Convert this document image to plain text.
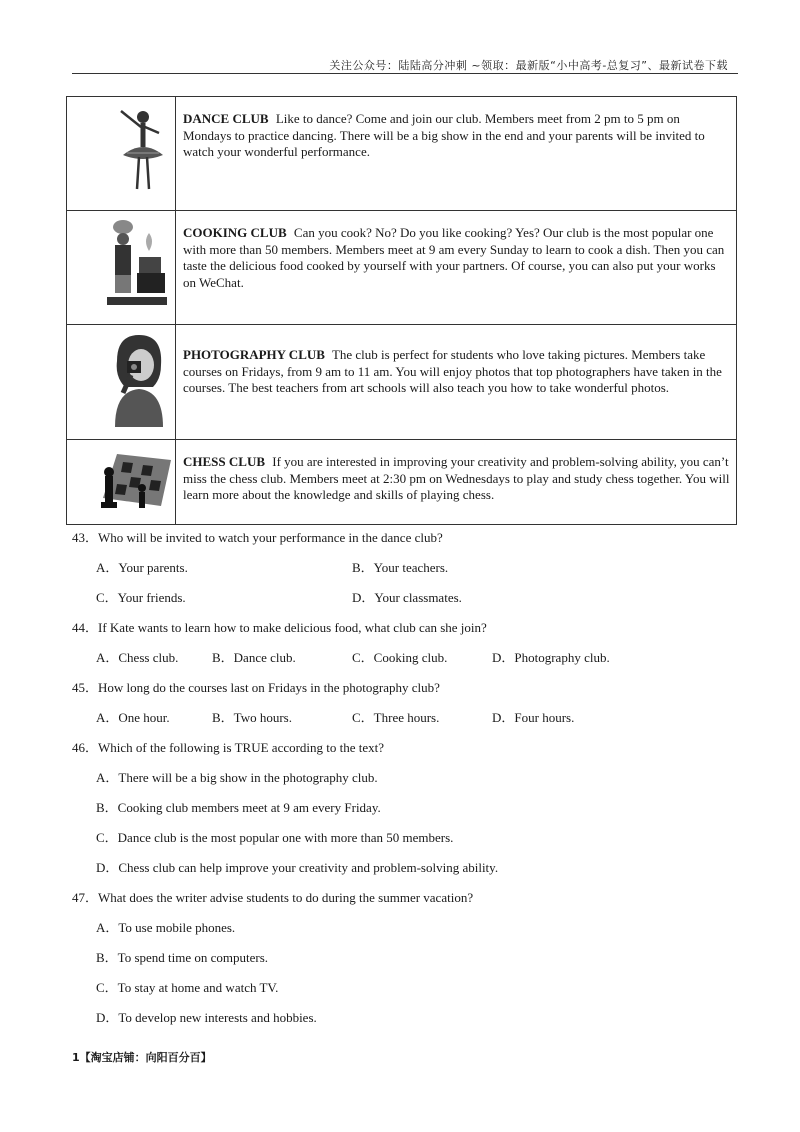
关注公众号：陆陆高分冲刺 ~领取：最新版“小中高考-总复习”、最新试卷下载
	DANCE CLUB Like to dance? Come and join our club. Members meet from 2 pm to 5 pm on Mondays to practice dancing. There will be a big show in the end and your parents will be invited to watch your wonderful performance.

	COOKING CLUB Can you cook? No? Do you like cooking? Yes? Our club is the most popular one with more than 50 members. Members meet at 9 am every Sunday to learn to cook a dish. Then you can taste the delicious food cooked by yourself with your partners. Of course, you can also put your works on WeChat.

	PHOTOGRAPHY CLUB The club is perfect for students who love taking pictures. Members take courses on Fridays, from 9 am to 11 am. You will enjoy photos that top photographers have taken in the courses. The best teachers from art schools will also teach you how to take wonderful photos.

	CHESS CLUB If you are interested in improving your creativity and problem-solving ability, you can’t miss the chess club. Members meet at 2:30 pm on Wednesdays to play and study chess together. You will learn more about the knowledge and skills of playing chess.
43．Who will be invited to watch your performance in the dance club?
A．Your parents.	B．Your teachers.
C．Your friends.	D．Your classmates.
44．If Kate wants to learn how to make delicious food, what club can she join?
A．Chess club.	B．Dance club.	C．Cooking club.	D．Photography club.
45．How long do the courses last on Fridays in the photography club?
A．One hour.	B．Two hours.	C．Three hours.	D．Four hours.
46．Which of the following is TRUE according to the text?
A．There will be a big show in the photography club.
B．Cooking club members meet at 9 am every Friday.
C．Dance club is the most popular one with more than 50 members.
D．Chess club can help improve your creativity and problem-solving ability.
47．What does the writer advise students to do during the summer vacation?
A．To use mobile phones.
B．To spend time on computers.
C．To stay at home and watch TV.
D．To develop new interests and hobbies.
1【淘宝店铺：向阳百分百】
